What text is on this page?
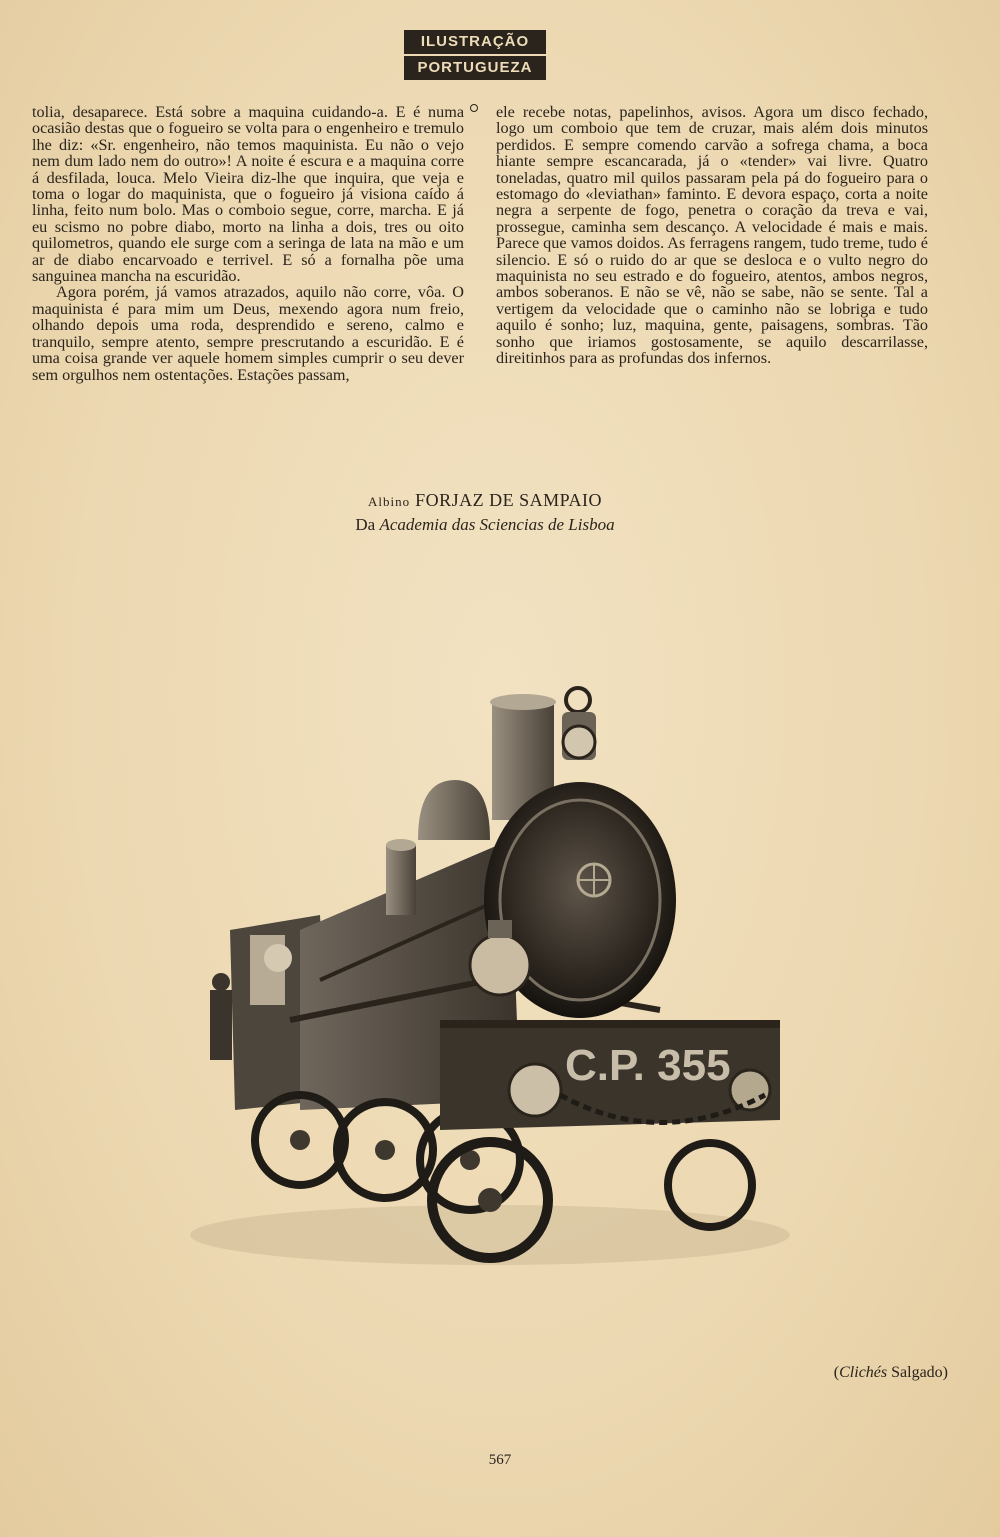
ILUSTRAÇÃO
PORTUGUEZA

tolia, desaparece. Está sobre a maquina cuidando-a. E é numa ocasião destas que o fogueiro se volta para o engenheiro e tremulo lhe diz: «Sr. engenheiro, não temos maquinista. Eu não o vejo nem dum lado nem do outro»! A noite é escura e a maquina corre á desfilada, louca. Melo Vieira diz-lhe que inquira, que veja e toma o logar do maquinista, que o fogueiro já visiona caído á linha, feito num bolo. Mas o comboio segue, corre, marcha. E já eu scismo no pobre diabo, morto na linha a dois, tres ou oito quilometros, quando ele surge com a seringa de lata na mão e um ar de diabo encarvoado e terrivel. E só a fornalha põe uma sanguinea mancha na escuridão.

Agora porém, já vamos atrazados, aquilo não corre, vôa. O maquinista é para mim um Deus, mexendo agora num freio, olhando depois uma roda, desprendido e sereno, calmo e tranquilo, sempre atento, sempre prescrutando a escuridão. E é uma coisa grande ver aquele homem simples cumprir o seu dever sem orgulhos nem ostentações. Estações passam,

ele recebe notas, papelinhos, avisos. Agora um disco fechado, logo um comboio que tem de cruzar, mais além dois minutos perdidos. E sempre comendo carvão a sofrega chama, a boca hiante sempre escancarada, já o «tender» vai livre. Quatro toneladas, quatro mil quilos passaram pela pá do fogueiro para o estomago do «leviathan» faminto. E devora espaço, corta a noite negra a serpente de fogo, penetra o coração da treva e vai, prossegue, caminha sem descanço. A velocidade é mais e mais. Parece que vamos doidos. As ferragens rangem, tudo treme, tudo é silencio. E só o ruido do ar que se desloca e o vulto negro do maquinista no seu estrado e do fogueiro, atentos, ambos negros, ambos soberanos. E não se vê, não se sabe, não se sente. Tal a vertigem da velocidade que o caminho não se lobriga e tudo aquilo é sonho; luz, maquina, gente, paisagens, sombras. Tão sonho que iriamos gostosamente, se aquilo descarrilasse, direitinhos para as profundas dos infernos.

Albino FORJAZ DE SAMPAIO
Da Academia das Sciencias de Lisboa
C.P. 355
(Clichés Salgado)
567
